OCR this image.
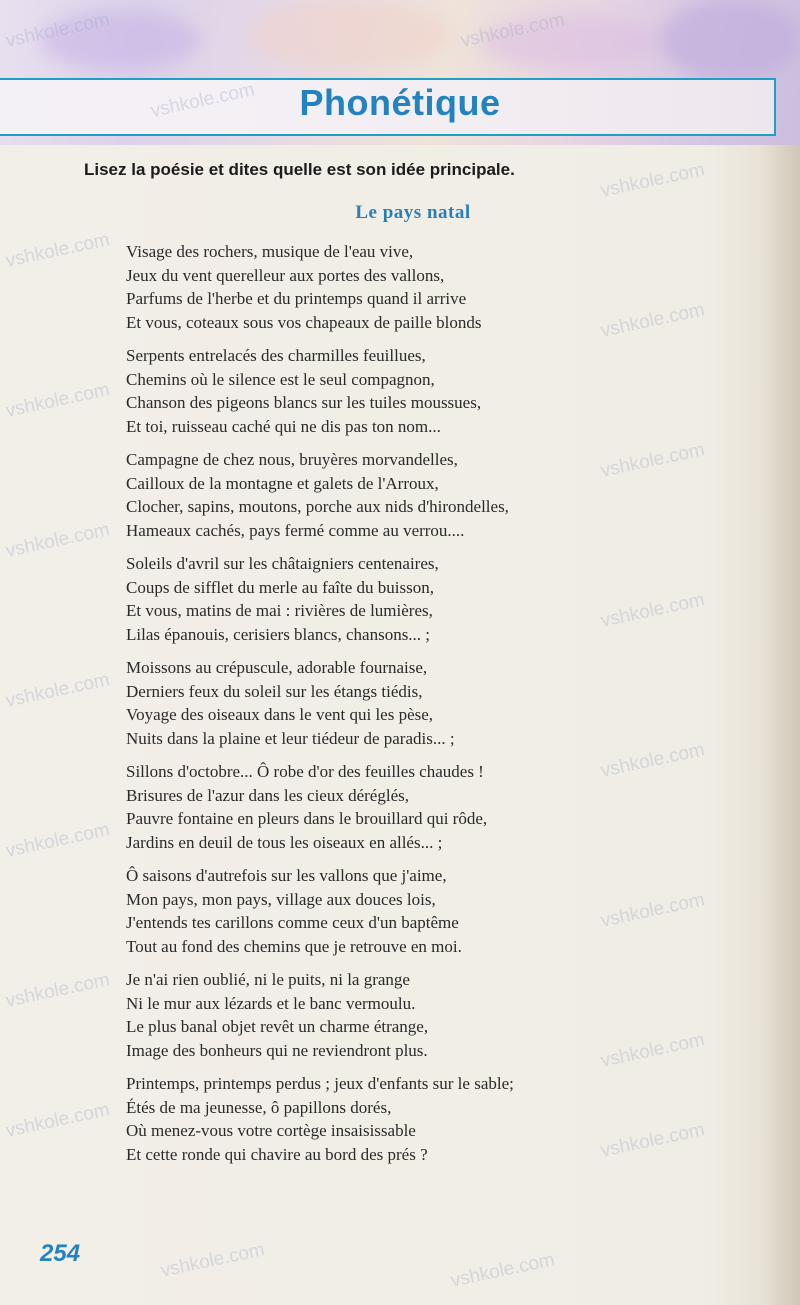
Phonétique
Lisez la poésie et dites quelle est son idée principale.
Le pays natal
Visage des rochers, musique de l'eau vive,
Jeux du vent querelleur aux portes des vallons,
Parfums de l'herbe et du printemps quand il arrive
Et vous, coteaux sous vos chapeaux de paille blonds
Serpents entrelacés des charmilles feuillues,
Chemins où le silence est le seul compagnon,
Chanson des pigeons blancs sur les tuiles moussues,
Et toi, ruisseau caché qui ne dis pas ton nom...
Campagne de chez nous, bruyères morvandelles,
Cailloux de la montagne et galets de l'Arroux,
Clocher, sapins, moutons, porche aux nids d'hirondelles,
Hameaux cachés, pays fermé comme au verrou....
Soleils d'avril sur les châtaigniers centenaires,
Coups de sifflet du merle au faîte du buisson,
Et vous, matins de mai : rivières de lumières,
Lilas épanouis, cerisiers blancs, chansons... ;
Moissons au crépuscule, adorable fournaise,
Derniers feux du soleil sur les étangs tiédis,
Voyage des oiseaux dans le vent qui les pèse,
Nuits dans la plaine et leur tiédeur de paradis... ;
Sillons d'octobre... Ô robe d'or des feuilles chaudes !
Brisures de l'azur dans les cieux déréglés,
Pauvre fontaine en pleurs dans le brouillard qui rôde,
Jardins en deuil de tous les oiseaux en allés... ;
Ô saisons d'autrefois sur les vallons que j'aime,
Mon pays, mon pays, village aux douces lois,
J'entends tes carillons comme ceux d'un baptême
Tout au fond des chemins que je retrouve en moi.
Je n'ai rien oublié, ni le puits, ni la grange
Ni le mur aux lézards et le banc vermoulu.
Le plus banal objet revêt un charme étrange,
Image des bonheurs qui ne reviendront plus.
Printemps, printemps perdus ; jeux d'enfants sur le sable;
Étés de ma jeunesse, ô papillons dorés,
Où menez-vous votre cortège insaisissable
Et cette ronde qui chavire au bord des prés ?
254
vshkole.com	vshkole.com
vshkole.com
vshkole.com
vshkole.com
vshkole.com
vshkole.com
vshkole.com
vshkole.com
vshkole.com
vshkole.com
vshkole.com
vshkole.com
vshkole.com
vshkole.com
vshkole.com
vshkole.com	vshkole.com
vshkole.com	vshkole.com
